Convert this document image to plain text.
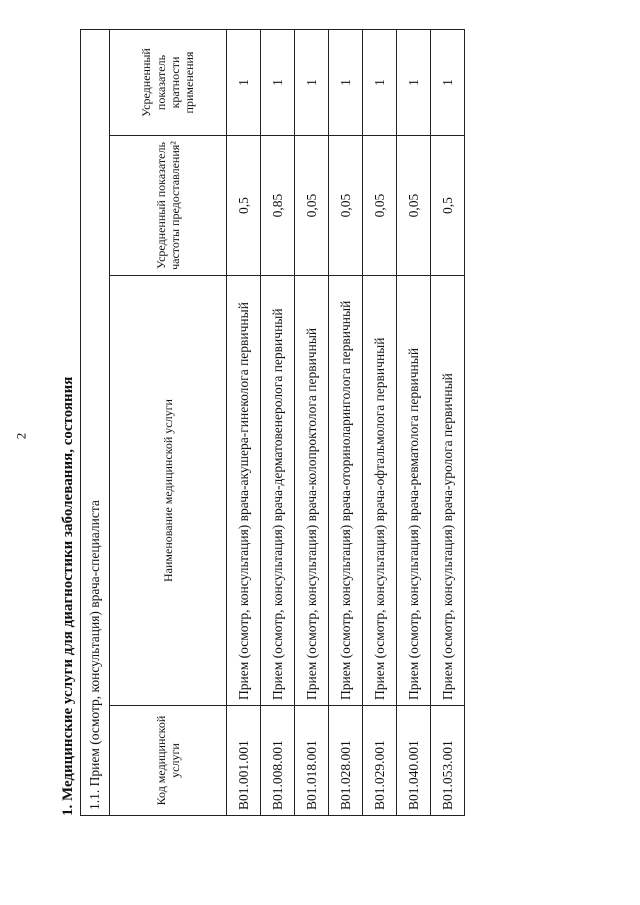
2 1. Медицинские услуги для диагностики заболевания, состояния 1.1. Прием (осмотр, консультация) врача-специалиста			
Код медицинской услуги	Наименование медицинской услуги	Усредненный показатель частоты предоставления²	Усредненный показатель кратности применения
B01.001.001	Прием (осмотр, консультация) врача-акушера-гинеколога первичный	0,5	1
B01.008.001	Прием (осмотр, консультация) врача-дерматовенеролога первичный	0,85	1
B01.018.001	Прием (осмотр, консультация) врача-колопроктолога первичный	0,05	1
B01.028.001	Прием (осмотр, консультация) врача-оториноларинголога первичный	0,05	1
B01.029.001	Прием (осмотр, консультация) врача-офтальмолога первичный	0,05	1
B01.040.001	Прием (осмотр, консультация) врача-ревматолога первичный	0,05	1
B01.053.001	Прием (осмотр, консультация) врача-уролога первичный	0,5	1
